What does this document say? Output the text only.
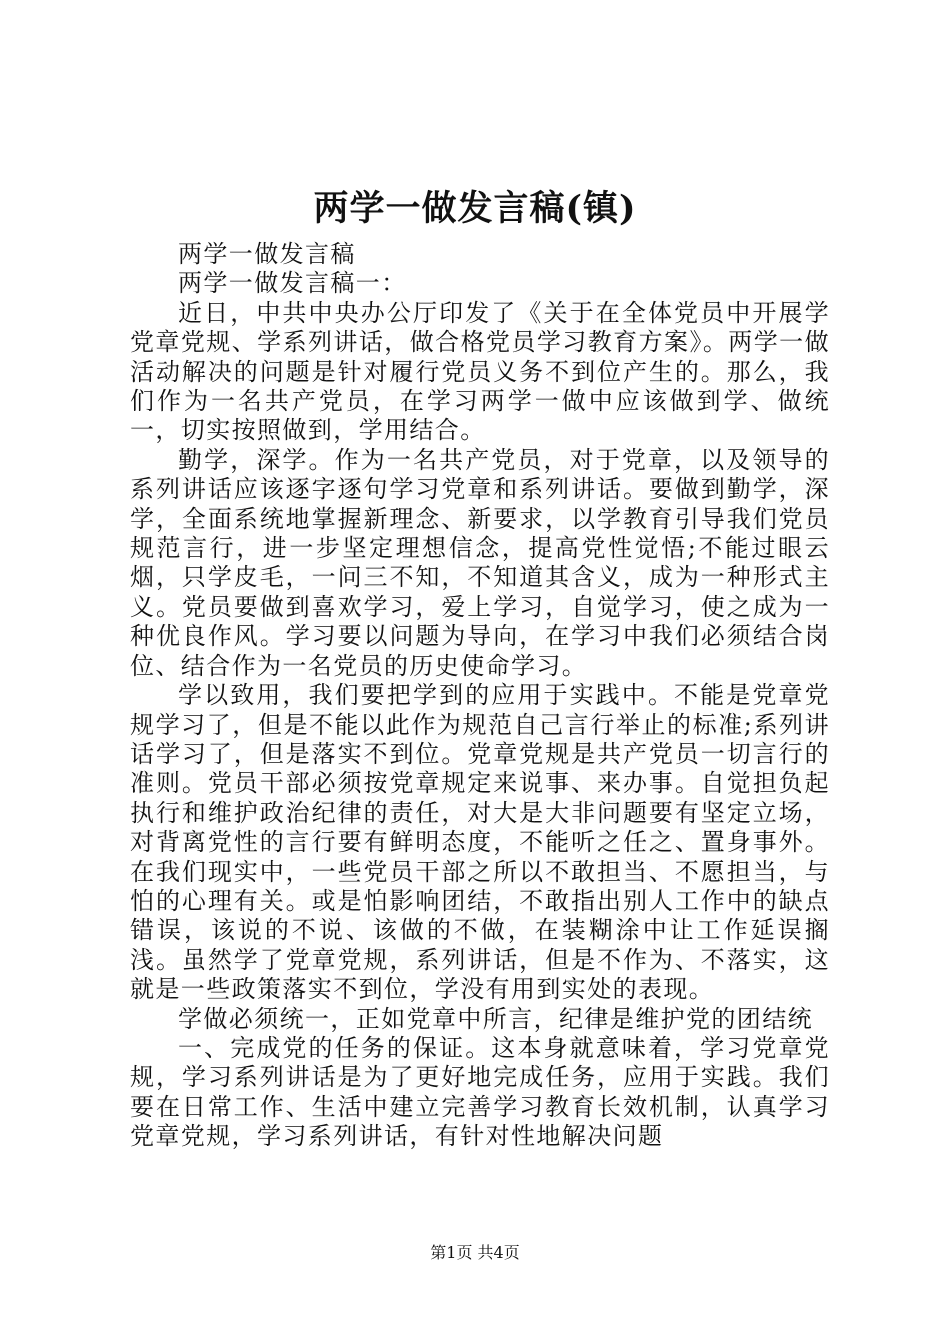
两学一做发言稿(镇)

两学一做发言稿

两学一做发言稿一：

近日，中共中央办公厅印发了《关于在全体党员中开展学党章党规、学系列讲话，做合格党员学习教育方案》。两学一做活动解决的问题是针对履行党员义务不到位产生的。那么，我们作为一名共产党员，在学习两学一做中应该做到学、做统一，切实按照做到，学用结合。

勤学，深学。作为一名共产党员，对于党章，以及领导的系列讲话应该逐字逐句学习党章和系列讲话。要做到勤学，深学，全面系统地掌握新理念、新要求，以学教育引导我们党员规范言行，进一步坚定理想信念，提高党性觉悟;不能过眼云烟，只学皮毛，一问三不知，不知道其含义，成为一种形式主义。党员要做到喜欢学习，爱上学习，自觉学习，使之成为一种优良作风。学习要以问题为导向，在学习中我们必须结合岗位、结合作为一名党员的历史使命学习。

学以致用，我们要把学到的应用于实践中。不能是党章党规学习了，但是不能以此作为规范自己言行举止的标准;系列讲话学习了，但是落实不到位。党章党规是共产党员一切言行的准则。党员干部必须按党章规定来说事、来办事。自觉担负起执行和维护政治纪律的责任，对大是大非问题要有坚定立场，对背离党性的言行要有鲜明态度，不能听之任之、置身事外。在我们现实中，一些党员干部之所以不敢担当、不愿担当，与怕的心理有关。或是怕影响团结，不敢指出别人工作中的缺点错误，该说的不说、该做的不做，在装糊涂中让工作延误搁浅。虽然学了党章党规，系列讲话，但是不作为、不落实，这就是一些政策落实不到位，学没有用到实处的表现。

学做必须统一，正如党章中所言，纪律是维护党的团结统

一、完成党的任务的保证。这本身就意味着，学习党章党规，学习系列讲话是为了更好地完成任务，应用于实践。我们要在日常工作、生活中建立完善学习教育长效机制，认真学习党章党规，学习系列讲话，有针对性地解决问题

第1页 共4页
